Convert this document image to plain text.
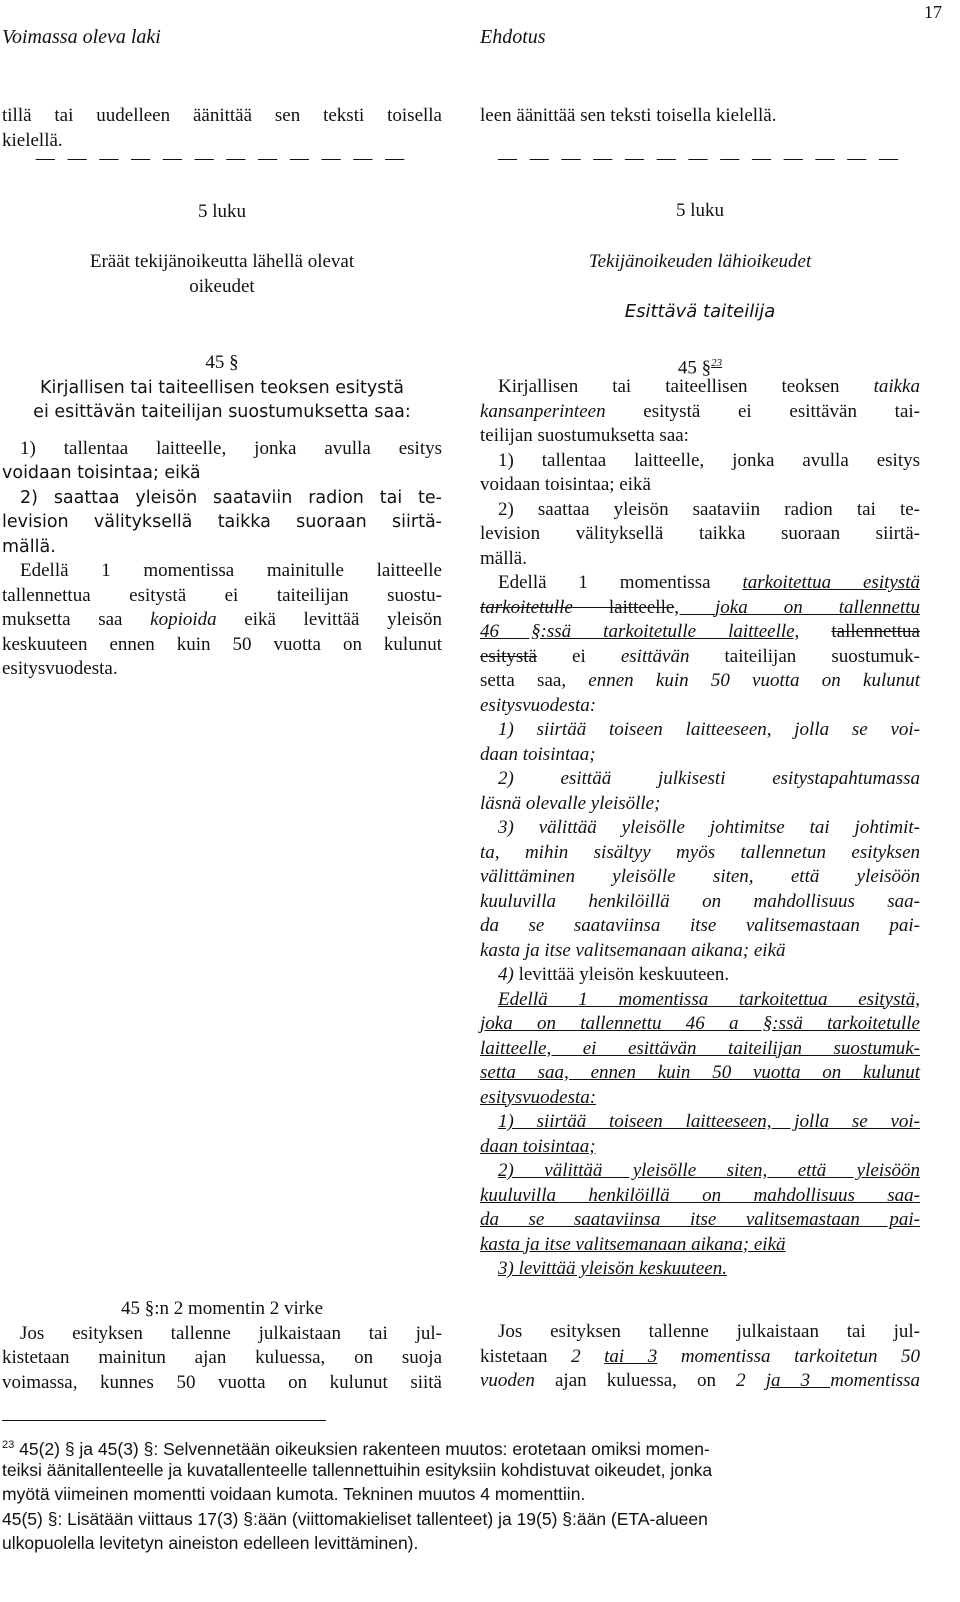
17
Voimassa oleva laki	Ehdotus
tillä tai uudelleen äänittää sen teksti toisella
kielellä.
— — — — — — — — — — — —
5 luku
Eräät tekijänoikeutta lähellä olevat
oikeudet
45 §
Kirjallisen tai taiteellisen teoksen esitystä
ei esittävän taiteilijan suostumuksetta saa:
1) tallentaa laitteelle, jonka avulla esitys
voidaan toisintaa; eikä
2) saattaa yleisön saataviin radion tai te-
levision välityksellä taikka suoraan siirtä-
mällä.
Edellä 1 momentissa mainitulle laitteelle
tallennettua esitystä ei taiteilijan suostu-
muksetta saa kopioida eikä levittää yleisön
keskuuteen ennen kuin 50 vuotta on kulunut
esitysvuodesta.
45 §:n 2 momentin 2 virke
Jos esityksen tallenne julkaistaan tai jul-
kistetaan mainitun ajan kuluessa, on suoja
voimassa, kunnes 50 vuotta on kulunut siitä
leen äänittää sen teksti toisella kielellä.
— — — — — — — — — — — — —
5 luku
Tekijänoikeuden lähioikeudet
Esittävä taiteilija
45 §$^{23}$
Kirjallisen tai taiteellisen teoksen taikka
kansanperinteen esitystä ei esittävän tai-
teilijan suostumuksetta saa:
1) tallentaa laitteelle, jonka avulla esitys
voidaan toisintaa; eikä
2) saattaa yleisön saataviin radion tai te-
levision välityksellä taikka suoraan siirtä-
mällä.
Edellä 1 momentissa tarkoitettua esitystä
tarkoitetulle laitteelle, joka on tallennettu
46 §:ssä tarkoitetulle laitteelle, tallennettua
esitystä ei esittävän taiteilijan suostumuk-
setta saa, ennen kuin 50 vuotta on kulunut
esitysvuodesta:
1) siirtää toiseen laitteeseen, jolla se voi-
daan toisintaa;
2) esittää julkisesti esitystapahtumassa
läsnä olevalle yleisölle;
3) välittää yleisölle johtimitse tai johtimit-
ta, mihin sisältyy myös tallennetun esityksen
välittäminen yleisölle siten, että yleisöön
kuuluvilla henkilöillä on mahdollisuus saa-
da se saataviinsa itse valitsemastaan pai-
kasta ja itse valitsemanaan aikana; eikä
4) levittää yleisön keskuuteen.
Edellä 1 momentissa tarkoitettua esitystä,
joka on tallennettu 46 a §:ssä tarkoitetulle
laitteelle, ei esittävän taiteilijan suostumuk-
setta saa, ennen kuin 50 vuotta on kulunut
esitysvuodesta:
1) siirtää toiseen laitteeseen, jolla se voi-
daan toisintaa;
2) välittää yleisölle siten, että yleisöön
kuuluvilla henkilöillä on mahdollisuus saa-
da se saataviinsa itse valitsemastaan pai-
kasta ja itse valitsemanaan aikana; eikä
3) levittää yleisön keskuuteen.
Jos esityksen tallenne julkaistaan tai jul-
kistetaan 2 tai 3 momentissa tarkoitetun 50
vuoden ajan kuluessa, on 2 ja 3 momentissa
$^{23}$ 45(2) § ja 45(3) §: Selvennetään oikeuksien rakenteen muutos: erotetaan omiksi momen-
teiksi äänitallenteelle ja kuvatallenteelle tallennettuihin esityksiin kohdistuvat oikeudet, jonka
myötä viimeinen momentti voidaan kumota. Tekninen muutos 4 momenttiin.
45(5) §: Lisätään viittaus 17(3) §:ään (viittomakieliset tallenteet) ja 19(5) §:ään (ETA-alueen
ulkopuolella levitetyn aineiston edelleen levittäminen).
